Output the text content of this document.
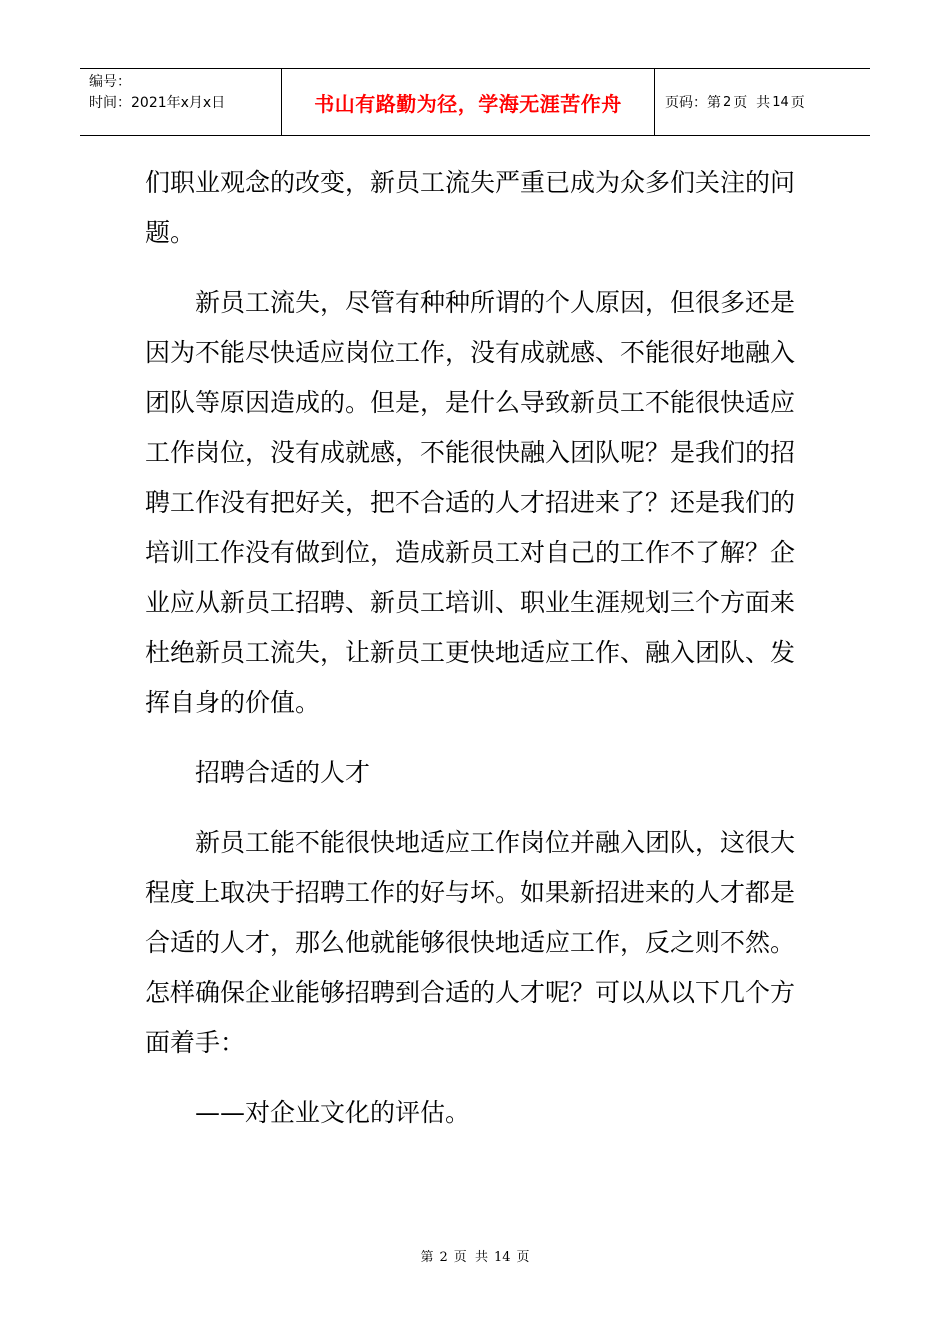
编号：
时间：2021年x月x日	书山有路勤为径，学海无涯苦作舟	页码：第 2 页  共 14 页

们职业观念的改变，新员工流失严重已成为众多们关注的问题。

新员工流失，尽管有种种所谓的个人原因，但很多还是因为不能尽快适应岗位工作，没有成就感、不能很好地融入团队等原因造成的。但是，是什么导致新员工不能很快适应工作岗位，没有成就感，不能很快融入团队呢？是我们的招聘工作没有把好关，把不合适的人才招进来了？还是我们的培训工作没有做到位，造成新员工对自己的工作不了解？企业应从新员工招聘、新员工培训、职业生涯规划三个方面来杜绝新员工流失，让新员工更快地适应工作、融入团队、发挥自身的价值。

招聘合适的人才

新员工能不能很快地适应工作岗位并融入团队，这很大程度上取决于招聘工作的好与坏。如果新招进来的人才都是合适的人才，那么他就能够很快地适应工作，反之则不然。怎样确保企业能够招聘到合适的人才呢？可以从以下几个方面着手：

——对企业文化的评估。

第 2 页  共 14 页
